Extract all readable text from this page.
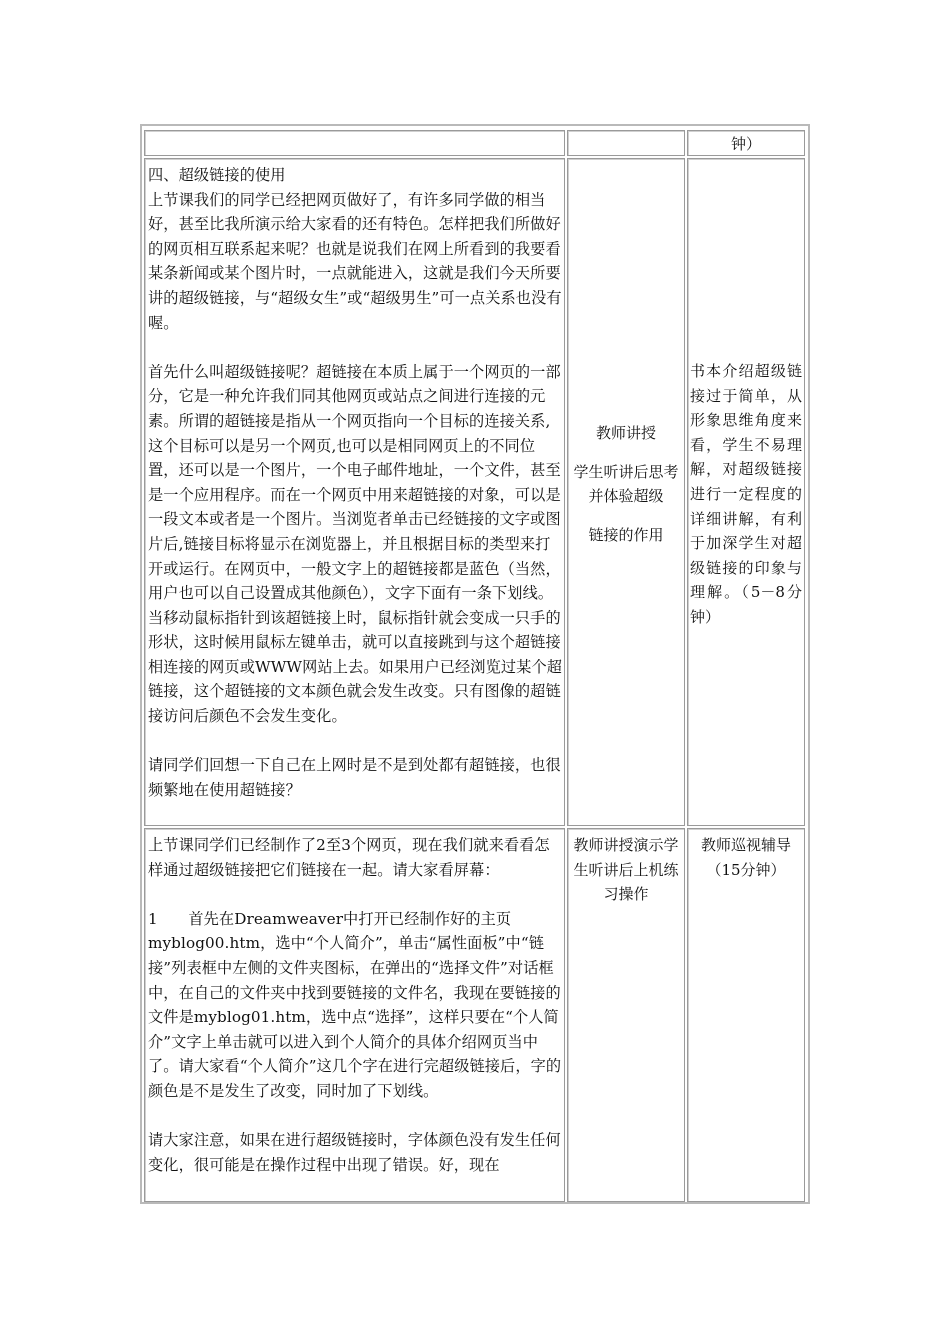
钟）

四、超级链接的使用

上节课我们的同学已经把网页做好了，有许多同学做的相当好，甚至比我所演示给大家看的还有特色。怎样把我们所做好的网页相互联系起来呢？也就是说我们在网上所看到的我要看某条新闻或某个图片时，一点就能进入，这就是我们今天所要讲的超级链接，与“超级女生”或“超级男生”可一点关系也没有喔。

首先什么叫超级链接呢？超链接在本质上属于一个网页的一部分，它是一种允许我们同其他网页或站点之间进行连接的元素。所谓的超链接是指从一个网页指向一个目标的连接关系,这个目标可以是另一个网页,也可以是相同网页上的不同位置，还可以是一个图片，一个电子邮件地址，一个文件，甚至是一个应用程序。而在一个网页中用来超链接的对象，可以是一段文本或者是一个图片。当浏览者单击已经链接的文字或图片后,链接目标将显示在浏览器上，并且根据目标的类型来打开或运行。在网页中，一般文字上的超链接都是蓝色（当然，用户也可以自己设置成其他颜色），文字下面有一条下划线。当移动鼠标指针到该超链接上时，鼠标指针就会变成一只手的形状，这时候用鼠标左键单击，就可以直接跳到与这个超链接相连接的网页或WWW网站上去。如果用户已经浏览过某个超链接，这个超链接的文本颜色就会发生改变。只有图像的超链接访问后颜色不会发生变化。

请同学们回想一下自己在上网时是不是到处都有超链接，也很频繁地在使用超链接？

教师讲授
学生听讲后思考并体验超级
链接的作用
书本介绍超级链接过于简单，从形象思维角度来看，学生不易理解，对超级链接进行一定程度的详细讲解，有利于加深学生对超级链接的印象与理解。（5－8分钟）

上节课同学们已经制作了2至3个网页，现在我们就来看看怎样通过超级链接把它们链接在一起。请大家看屏幕：

1　　首先在Dreamweaver中打开已经制作好的主页myblog00.htm，选中“个人简介”，单击“属性面板”中“链接”列表框中左侧的文件夹图标，在弹出的“选择文件”对话框中，在自己的文件夹中找到要链接的文件名，我现在要链接的文件是myblog01.htm，选中点“选择”，这样只要在“个人简介”文字上单击就可以进入到个人简介的具体介绍网页当中　了。请大家看“个人简介”这几个字在进行完超级链接后，字的颜色是不是发生了改变，同时加了下划线。

请大家注意，如果在进行超级链接时，字体颜色没有发生任何变化，很可能是在操作过程中出现了错误。好，现在

教师讲授演示学生听讲后上机练习操作
教师巡视辅导
（15分钟）
